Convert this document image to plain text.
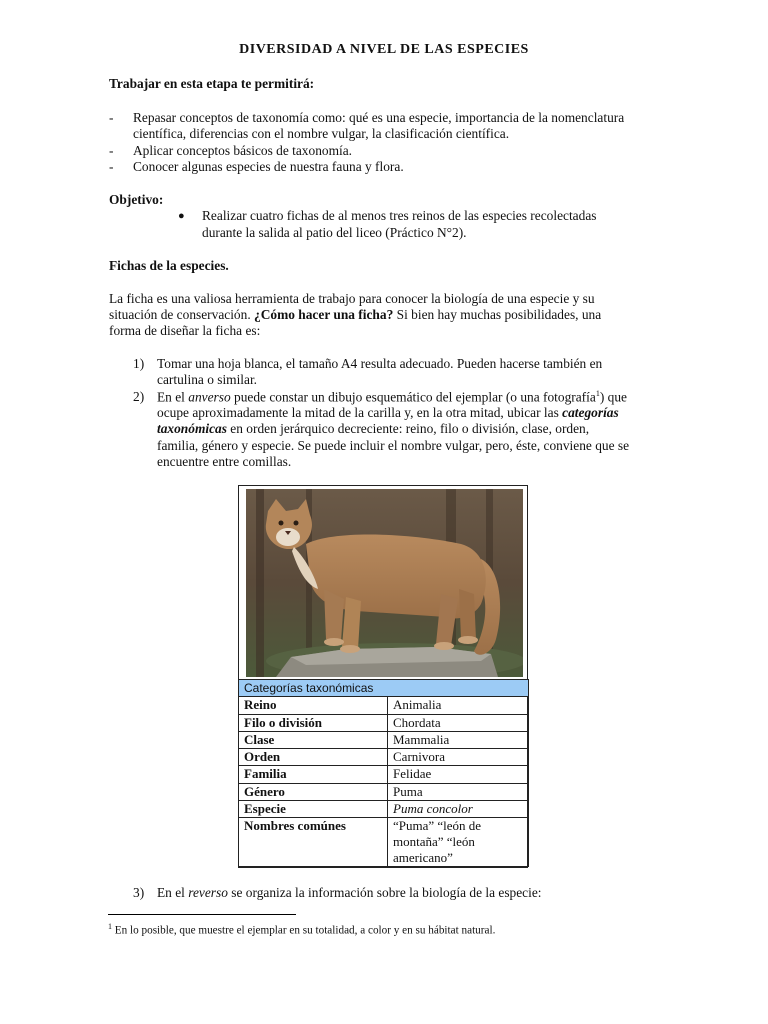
DIVERSIDAD A NIVEL DE LAS ESPECIES
Trabajar en esta etapa te permitirá:
- Repasar conceptos de taxonomía como: qué es una especie, importancia de la nomenclatura
científica, diferencias con el nombre vulgar, la clasificación científica.
- Aplicar conceptos básicos de taxonomía.
- Conocer algunas especies de nuestra fauna y flora.
Objetivo:
● Realizar cuatro fichas de al menos tres reinos de las especies recolectadas
durante la salida al patio del liceo (Práctico N°2).
Fichas de la especies.
La ficha es una valiosa herramienta de trabajo para conocer la biología de una especie y su
situación de conservación. ¿Cómo hacer una ficha? Si bien hay muchas posibilidades, una
forma de diseñar la ficha es:
1) Tomar una hoja blanca, el tamaño A4 resulta adecuado. Pueden hacerse también en
cartulina o similar.
2) En el anverso puede constar un dibujo esquemático del ejemplar (o una fotografía$^1$) que
ocupe aproximadamente la mitad de la carilla y, en la otra mitad, ubicar las categorías
taxonómicas en orden jerárquico decreciente: reino, filo o división, clase, orden,
familia, género y especie. Se puede incluir el nombre vulgar, pero, éste, conviene que se
encuentre entre comillas.
Categorías taxonómicas	
Reino	Animalia
Filo o división	Chordata
Clase	Mammalia
Orden	Carnivora
Familia	Felidae
Género	Puma
Especie	Puma concolor
Nombres comúnes	“Puma” “león de
montaña” “león
americano”
3) En el reverso se organiza la información sobre la biología de la especie:
$^1$ En lo posible, que muestre el ejemplar en su totalidad, a color y en su hábitat natural.
